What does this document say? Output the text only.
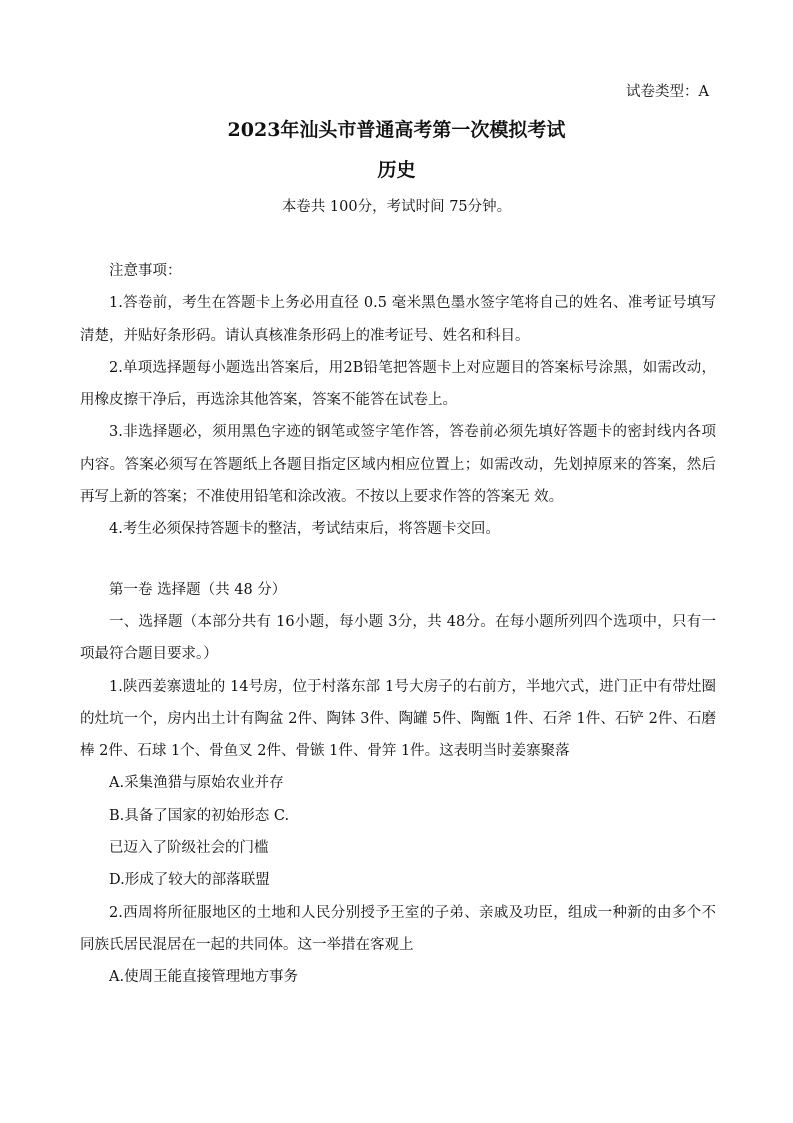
试卷类型：A
2023年汕头市普通高考第一次模拟考试
历史
本卷共 100分，考试时间 75分钟。

注意事项：

1.答卷前，考生在答题卡上务必用直径 0.5 毫米黑色墨水签字笔将自己的姓名、准考证号填写清楚，并贴好条形码。请认真核准条形码上的准考证号、姓名和科目。

2.单项选择题每小题选出答案后，用2B铅笔把答题卡上对应题目的答案标号涂黑，如需改动，用橡皮擦干净后，再选涂其他答案，答案不能答在试卷上。

3.非选择题必，须用黑色字迹的钢笔或签字笔作答，答卷前必须先填好答题卡的密封线内各项内容。答案必须写在答题纸上各题目指定区域内相应位置上；如需改动，先划掉原来的答案，然后再写上新的答案；不准使用铅笔和涂改液。不按以上要求作答的答案无 效。

4.考生必须保持答题卡的整洁，考试结束后，将答题卡交回。

第一卷 选择题（共 48 分）

一、选择题（本部分共有 16小题，每小题 3分，共 48分。在每小题所列四个选项中，只有一项最符合题目要求。）

1.陕西姜寨遗址的 14号房，位于村落东部 1号大房子的右前方，半地穴式，进门正中有带灶圈的灶坑一个，房内出土计有陶盆 2件、陶钵 3件、陶罐 5件、陶甑 1件、石斧 1件、石铲 2件、石磨棒 2件、石球 1个、骨鱼叉 2件、骨镞 1件、骨笄 1件。这表明当时姜寨聚落

A.采集渔猎与原始农业并存

B.具备了国家的初始形态 C.

已迈入了阶级社会的门槛

D.形成了较大的部落联盟

2.西周将所征服地区的土地和人民分别授予王室的子弟、亲戚及功臣，组成一种新的由多个不同族氏居民混居在一起的共同体。这一举措在客观上

A.使周王能直接管理地方事务
